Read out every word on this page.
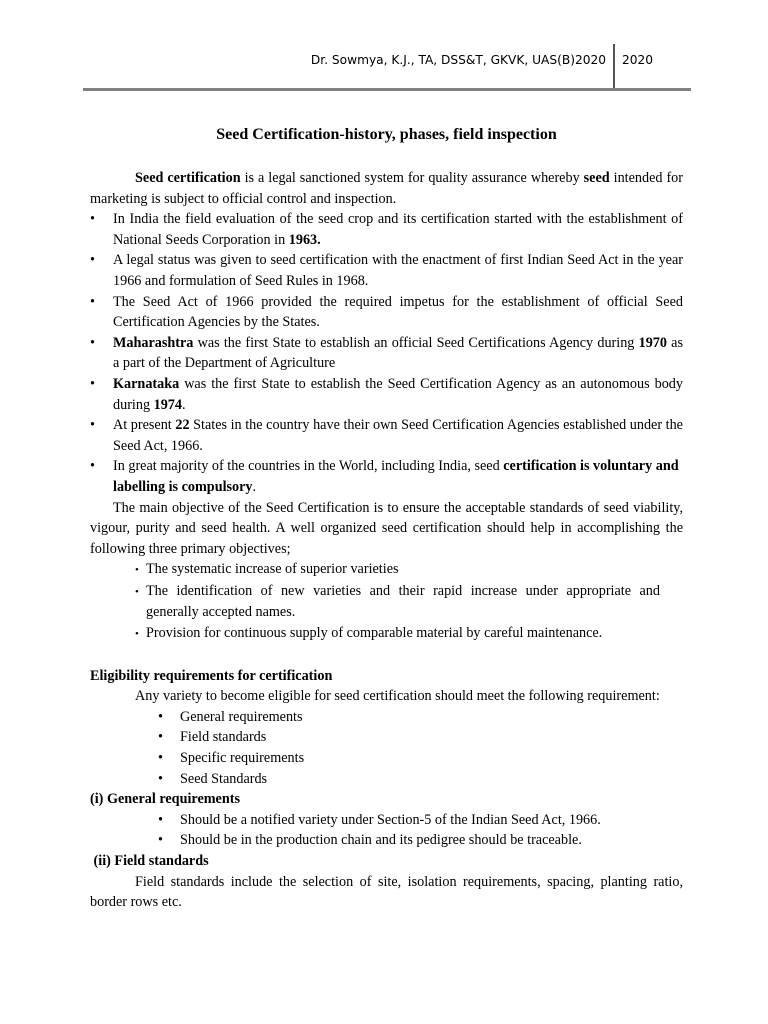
Dr. Sowmya, K.J., TA, DSS&T, GKVK, UAS(B)2020 2020
Seed Certification-history, phases, field inspection

Seed certification is a legal sanctioned system for quality assurance whereby seed intended for marketing is subject to official control and inspection.

• In India the field evaluation of the seed crop and its certification started with the establishment of National Seeds Corporation in 1963.
• A legal status was given to seed certification with the enactment of first Indian Seed Act in the year 1966 and formulation of Seed Rules in 1968.
• The Seed Act of 1966 provided the required impetus for the establishment of official Seed Certification Agencies by the States.
• Maharashtra was the first State to establish an official Seed Certifications Agency during 1970 as a part of the Department of Agriculture
• Karnataka was the first State to establish the Seed Certification Agency as an autonomous body during 1974.
• At present 22 States in the country have their own Seed Certification Agencies established under the Seed Act, 1966.
• In great majority of the countries in the World, including India, seed certification is voluntary and labelling is compulsory.

The main objective of the Seed Certification is to ensure the acceptable standards of seed viability, vigour, purity and seed health. A well organized seed certification should help in accomplishing the following three primary objectives;

• The systematic increase of superior varieties
• The identification of new varieties and their rapid increase under appropriate and generally accepted names.
• Provision for continuous supply of comparable material by careful maintenance.
Eligibility requirements for certification

Any variety to become eligible for seed certification should meet the following requirement:

• General requirements
• Field standards
• Specific requirements
• Seed Standards
(i) General requirements
• Should be a notified variety under Section-5 of the Indian Seed Act, 1966.
• Should be in the production chain and its pedigree should be traceable.
(ii) Field standards

Field standards include the selection of site, isolation requirements, spacing, planting ratio, border rows etc.
